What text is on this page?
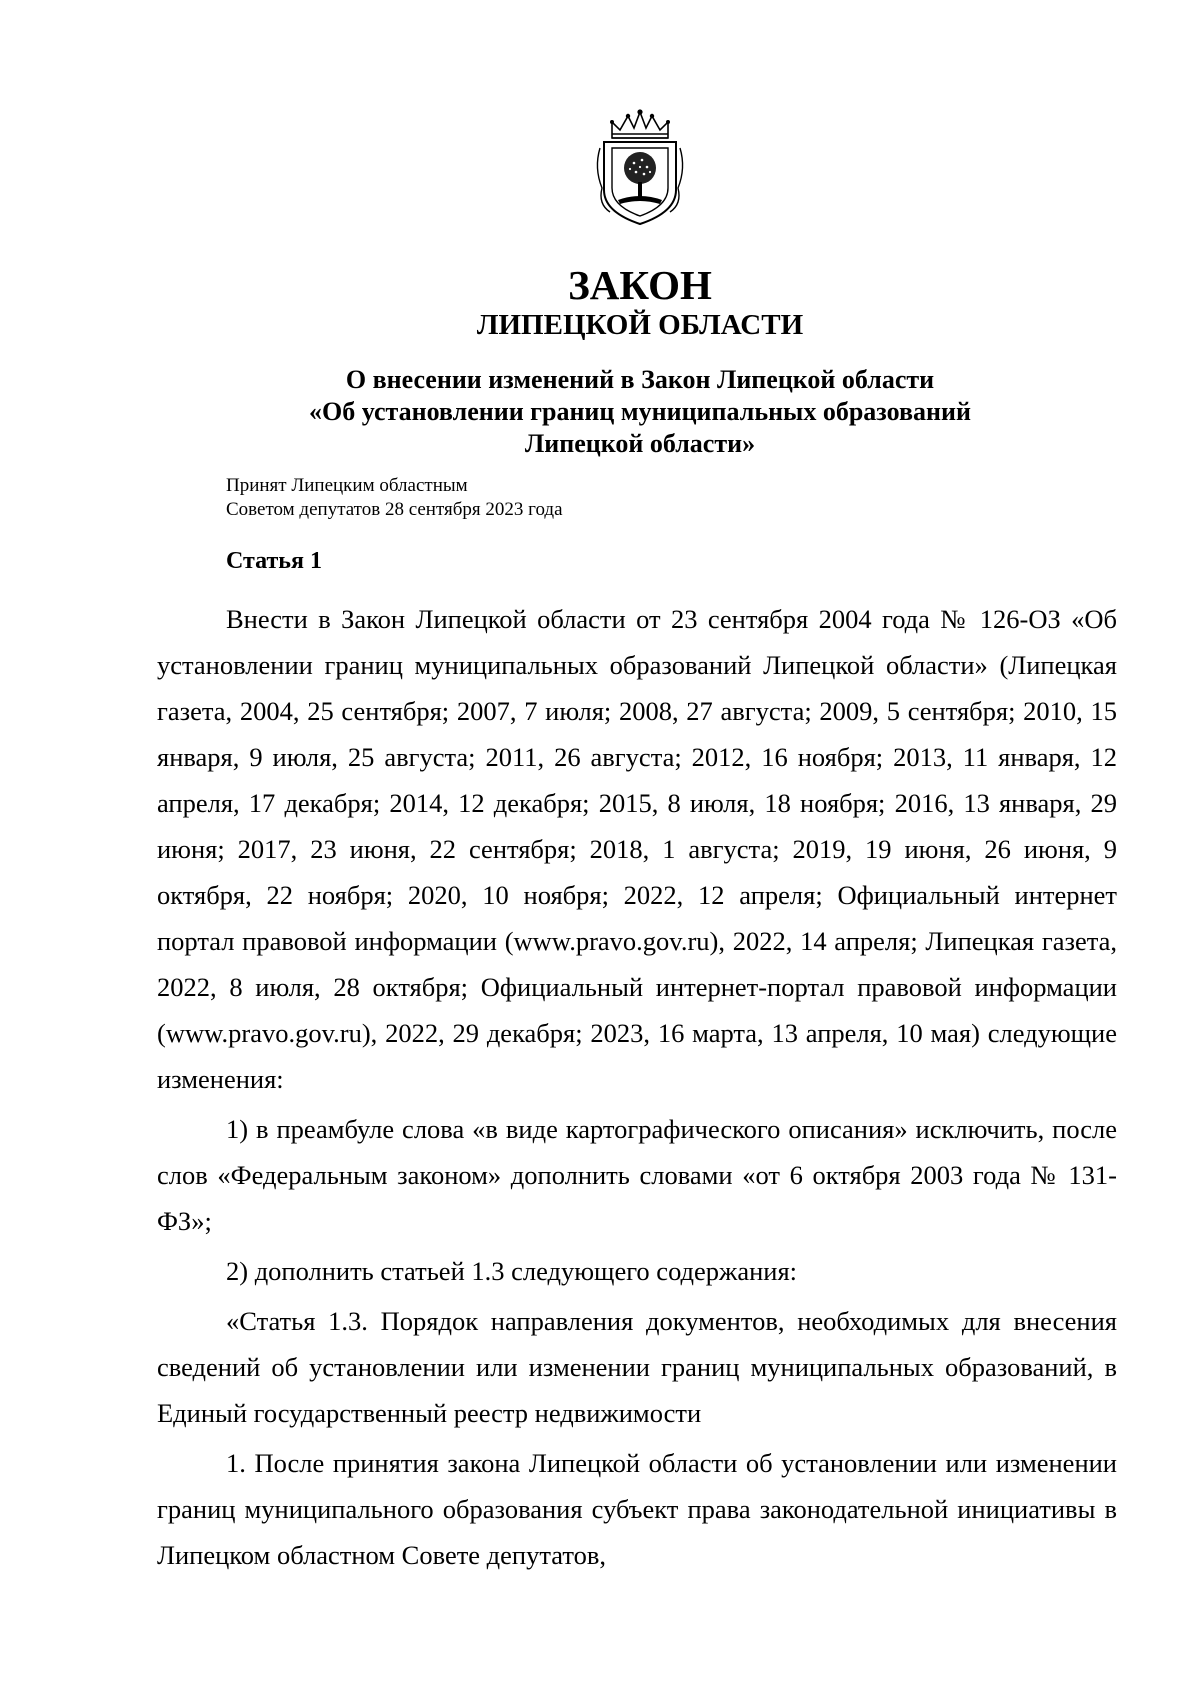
ЗАКОН
ЛИПЕЦКОЙ ОБЛАСТИ
О внесении изменений в Закон Липецкой области
«Об установлении границ муниципальных образований
Липецкой области»
Принят Липецким областным
Советом депутатов 28 сентября 2023 года
Статья 1

Внести в Закон Липецкой области от 23 сентября 2004 года № 126-ОЗ «Об установлении границ муниципальных образований Липецкой области» (Липецкая газета, 2004, 25 сентября; 2007, 7 июля; 2008, 27 августа; 2009, 5 сентября; 2010, 15 января, 9 июля, 25 августа; 2011, 26 августа; 2012, 16 ноября; 2013, 11 января, 12 апреля, 17 декабря; 2014, 12 декабря; 2015, 8 июля, 18 ноября; 2016, 13 января, 29 июня; 2017, 23 июня, 22 сентября; 2018, 1 августа; 2019, 19 июня, 26 июня, 9 октября, 22 ноября; 2020, 10 ноября; 2022, 12 апреля; Официальный интернет портал правовой информации (www.pravo.gov.ru), 2022, 14 апреля; Липецкая газета, 2022, 8 июля, 28 октября; Официальный интернет-портал правовой информации (www.pravo.gov.ru), 2022, 29 декабря; 2023, 16 марта, 13 апреля, 10 мая) следующие изменения:

1) в преамбуле слова «в виде картографического описания» исключить, после слов «Федеральным законом» дополнить словами «от 6 октября 2003 года № 131-ФЗ»;

2) дополнить статьей 1.3 следующего содержания:

«Статья 1.3. Порядок направления документов, необходимых для внесения сведений об установлении или изменении границ муниципальных образований, в Единый государственный реестр недвижимости

1. После принятия закона Липецкой области об установлении или изменении границ муниципального образования субъект права законодательной инициативы в Липецком областном Совете депутатов,
